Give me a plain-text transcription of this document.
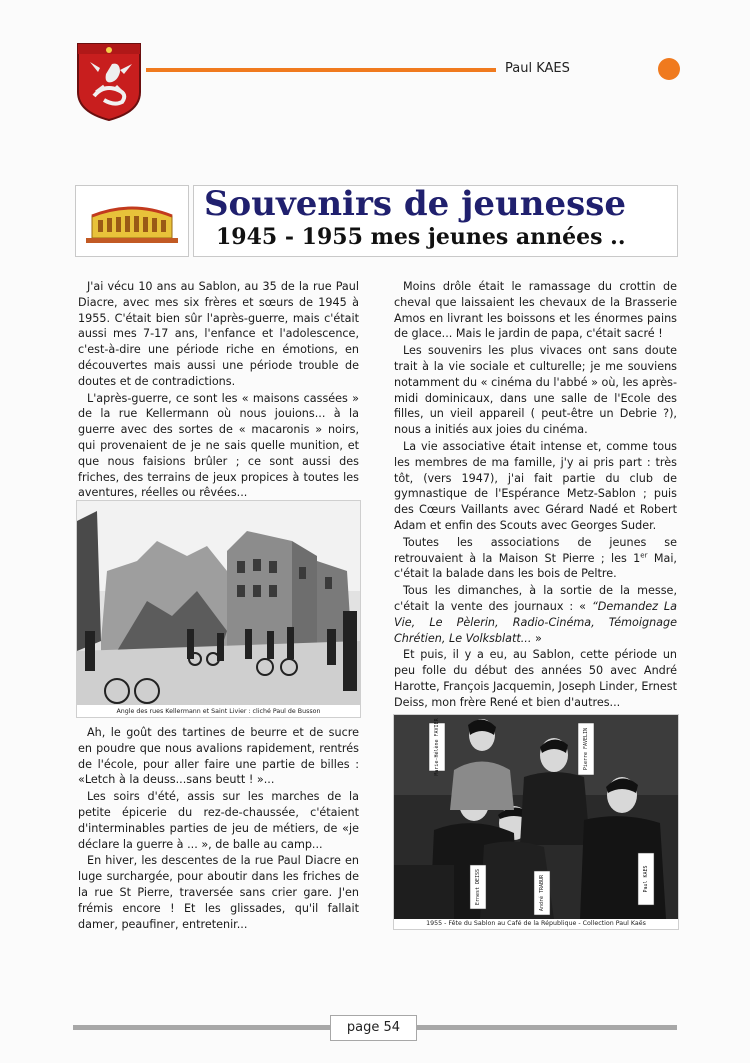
Paul KAES
Souvenirs de jeunesse
1945 - 1955 mes jeunes années ..

J'ai vécu 10 ans au Sablon, au 35 de la rue Paul Diacre, avec mes six frères et sœurs de 1945 à 1955. C'était bien sûr l'après-guerre, mais c'était aussi mes 7-17 ans, l'enfance et l'adolescence, c'est-à-dire une période riche en émotions, en découvertes mais aussi une période trouble de doutes et de contradictions.

L'après-guerre, ce sont les « maisons cassées » de la rue Kellermann où nous jouions... à la guerre avec des sortes de « macaronis » noirs, qui provenaient de je ne sais quelle munition, et que nous faisions brûler ; ce sont aussi des friches, des terrains de jeux propices à toutes les aventures, réelles ou rêvées...

Angle des rues Kellermann et Saint Livier : cliché Paul de Busson

Ah, le goût des tartines de beurre et de sucre en poudre que nous avalions rapidement, rentrés de l'école, pour aller faire une partie de billes : «Letch à la deuss...sans beutt ! »...

Les soirs d'été, assis sur les marches de la petite épicerie du rez-de-chaussée, c'étaient d'interminables parties de jeu de métiers, de «je déclare la guerre à ... », de balle au camp...

En hiver, les descentes de la rue Paul Diacre en luge surchargée, pour aboutir dans les friches de la rue St Pierre, traversée sans crier gare. J'en frémis encore ! Et les glissades, qu'il fallait damer, peaufiner, entretenir...

Moins drôle était le ramassage du crottin de cheval que laissaient les chevaux de la Brasserie Amos en livrant les boissons et les énormes pains de glace... Mais le jardin de papa, c'était sacré !

Les souvenirs les plus vivaces ont sans doute trait à la vie sociale et culturelle; je me souviens notamment du « cinéma du l'abbé » où, les après-midi dominicaux, dans une salle de l'Ecole des filles, un vieil appareil ( peut-être un Debrie ?), nous a initiés aux joies du cinéma.

La vie associative était intense et, comme tous les membres de ma famille, j'y ai pris part : très tôt, (vers 1947), j'ai fait partie du club de gymnastique de l'Espérance Metz-Sablon ; puis des Cœurs Vaillants avec Gérard Nadé et Robert Adam et enfin des Scouts avec Georges Suder.

Toutes les associations de jeunes se retrouvaient à la Maison St Pierre ; les 1er Mai, c'était la balade dans les bois de Peltre.

Tous les dimanches, à la sortie de la messe, c'était la vente des journaux : « “Demandez La Vie, Le Pèlerin, Radio-Cinéma, Témoignage Chrétien, Le Volksblatt... »

Et puis, il y a eu, au Sablon, cette période un peu folle du début des années 50 avec André Harotte, François Jacquemin, Joseph Linder, Ernest Deiss, mon frère René et bien d'autres...

Marie-Hélène FAVIER	Pierre FAVELIN
Ernest DEISS	André TRABUR	Paul KAES
1955 - Fête du Sablon au Café de la République - Collection Paul Kaës
page 54
